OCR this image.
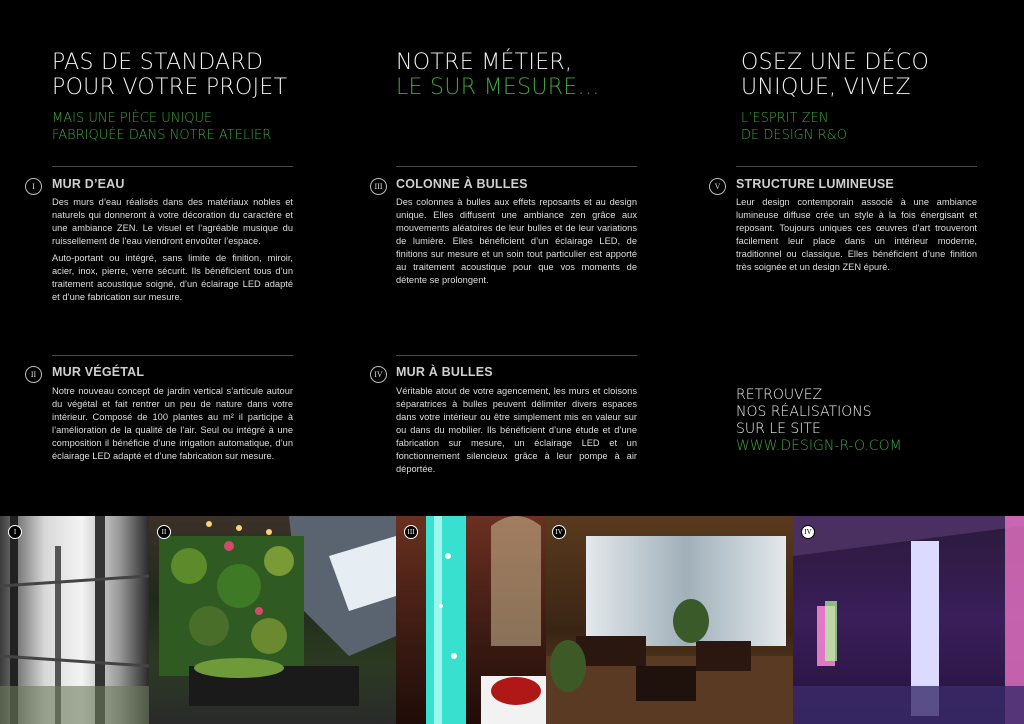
PAS DE STANDARD
POUR VOTRE PROJET
MAIS UNE PIÈCE UNIQUE
FABRIQUÉE DANS NOTRE ATELIER
NOTRE MÉTIER,
LE SUR MESURE…
OSEZ UNE DÉCO
UNIQUE, VIVEZ
L’ESPRIT ZEN
DE DESIGN R&O
I	MUR D’EAU

Des murs d’eau réalisés dans des matériaux nobles et naturels qui donneront à votre décoration du caractère et une ambiance ZEN. Le visuel et l’agréable musique du ruissellement de l’eau viendront envoûter l’espace.

Auto-portant ou intégré, sans limite de finition, miroir, acier, inox, pierre, verre sécurit. Ils bénéficient tous d’un traitement acoustique soigné, d’un éclairage LED adapté et d’une fabrication sur mesure.

II	MUR VÉGÉTAL

Notre nouveau concept de jardin vertical s’articule autour du végétal et fait rentrer un peu de nature dans votre intérieur. Composé de 100 plantes au m² il participe à l’amélioration de la qualité de l’air. Seul ou intégré à une composition il bénéficie d’une irrigation automatique, d’un éclairage LED adapté et d’une fabrication sur mesure.

III	COLONNE À BULLES

Des colonnes à bulles aux effets reposants et au design unique. Elles diffusent une ambiance zen grâce aux mouvements aléatoires de leur bulles et de leur variations de lumière. Elles bénéficient d’un éclairage LED, de finitions sur mesure et un soin tout particulier est apporté au traitement acoustique pour que vos moments de détente se prolongent.

IV	MUR À BULLES

Véritable atout de votre agencement, les murs et cloisons séparatrices à bulles peuvent délimiter divers espaces dans votre intérieur ou être simplement mis en valeur sur ou dans du mobilier. Ils bénéficient d’une étude et d’une fabrication sur mesure, un éclairage LED et un fonctionnement silencieux grâce à leur pompe à air déportée.

V	STRUCTURE LUMINEUSE

Leur design contemporain associé à une ambiance lumineuse diffuse crée un style à la fois énergisant et reposant. Toujours uniques ces œuvres d’art trouveront facilement leur place dans un intérieur moderne, traditionnel ou classique. Elles bénéficient d’une finition très soignée et un design ZEN épuré.

RETROUVEZ
NOS RÉALISATIONS
SUR LE SITE
WWW.DESIGN-R-O.COM
I	II	III	IV	IV
